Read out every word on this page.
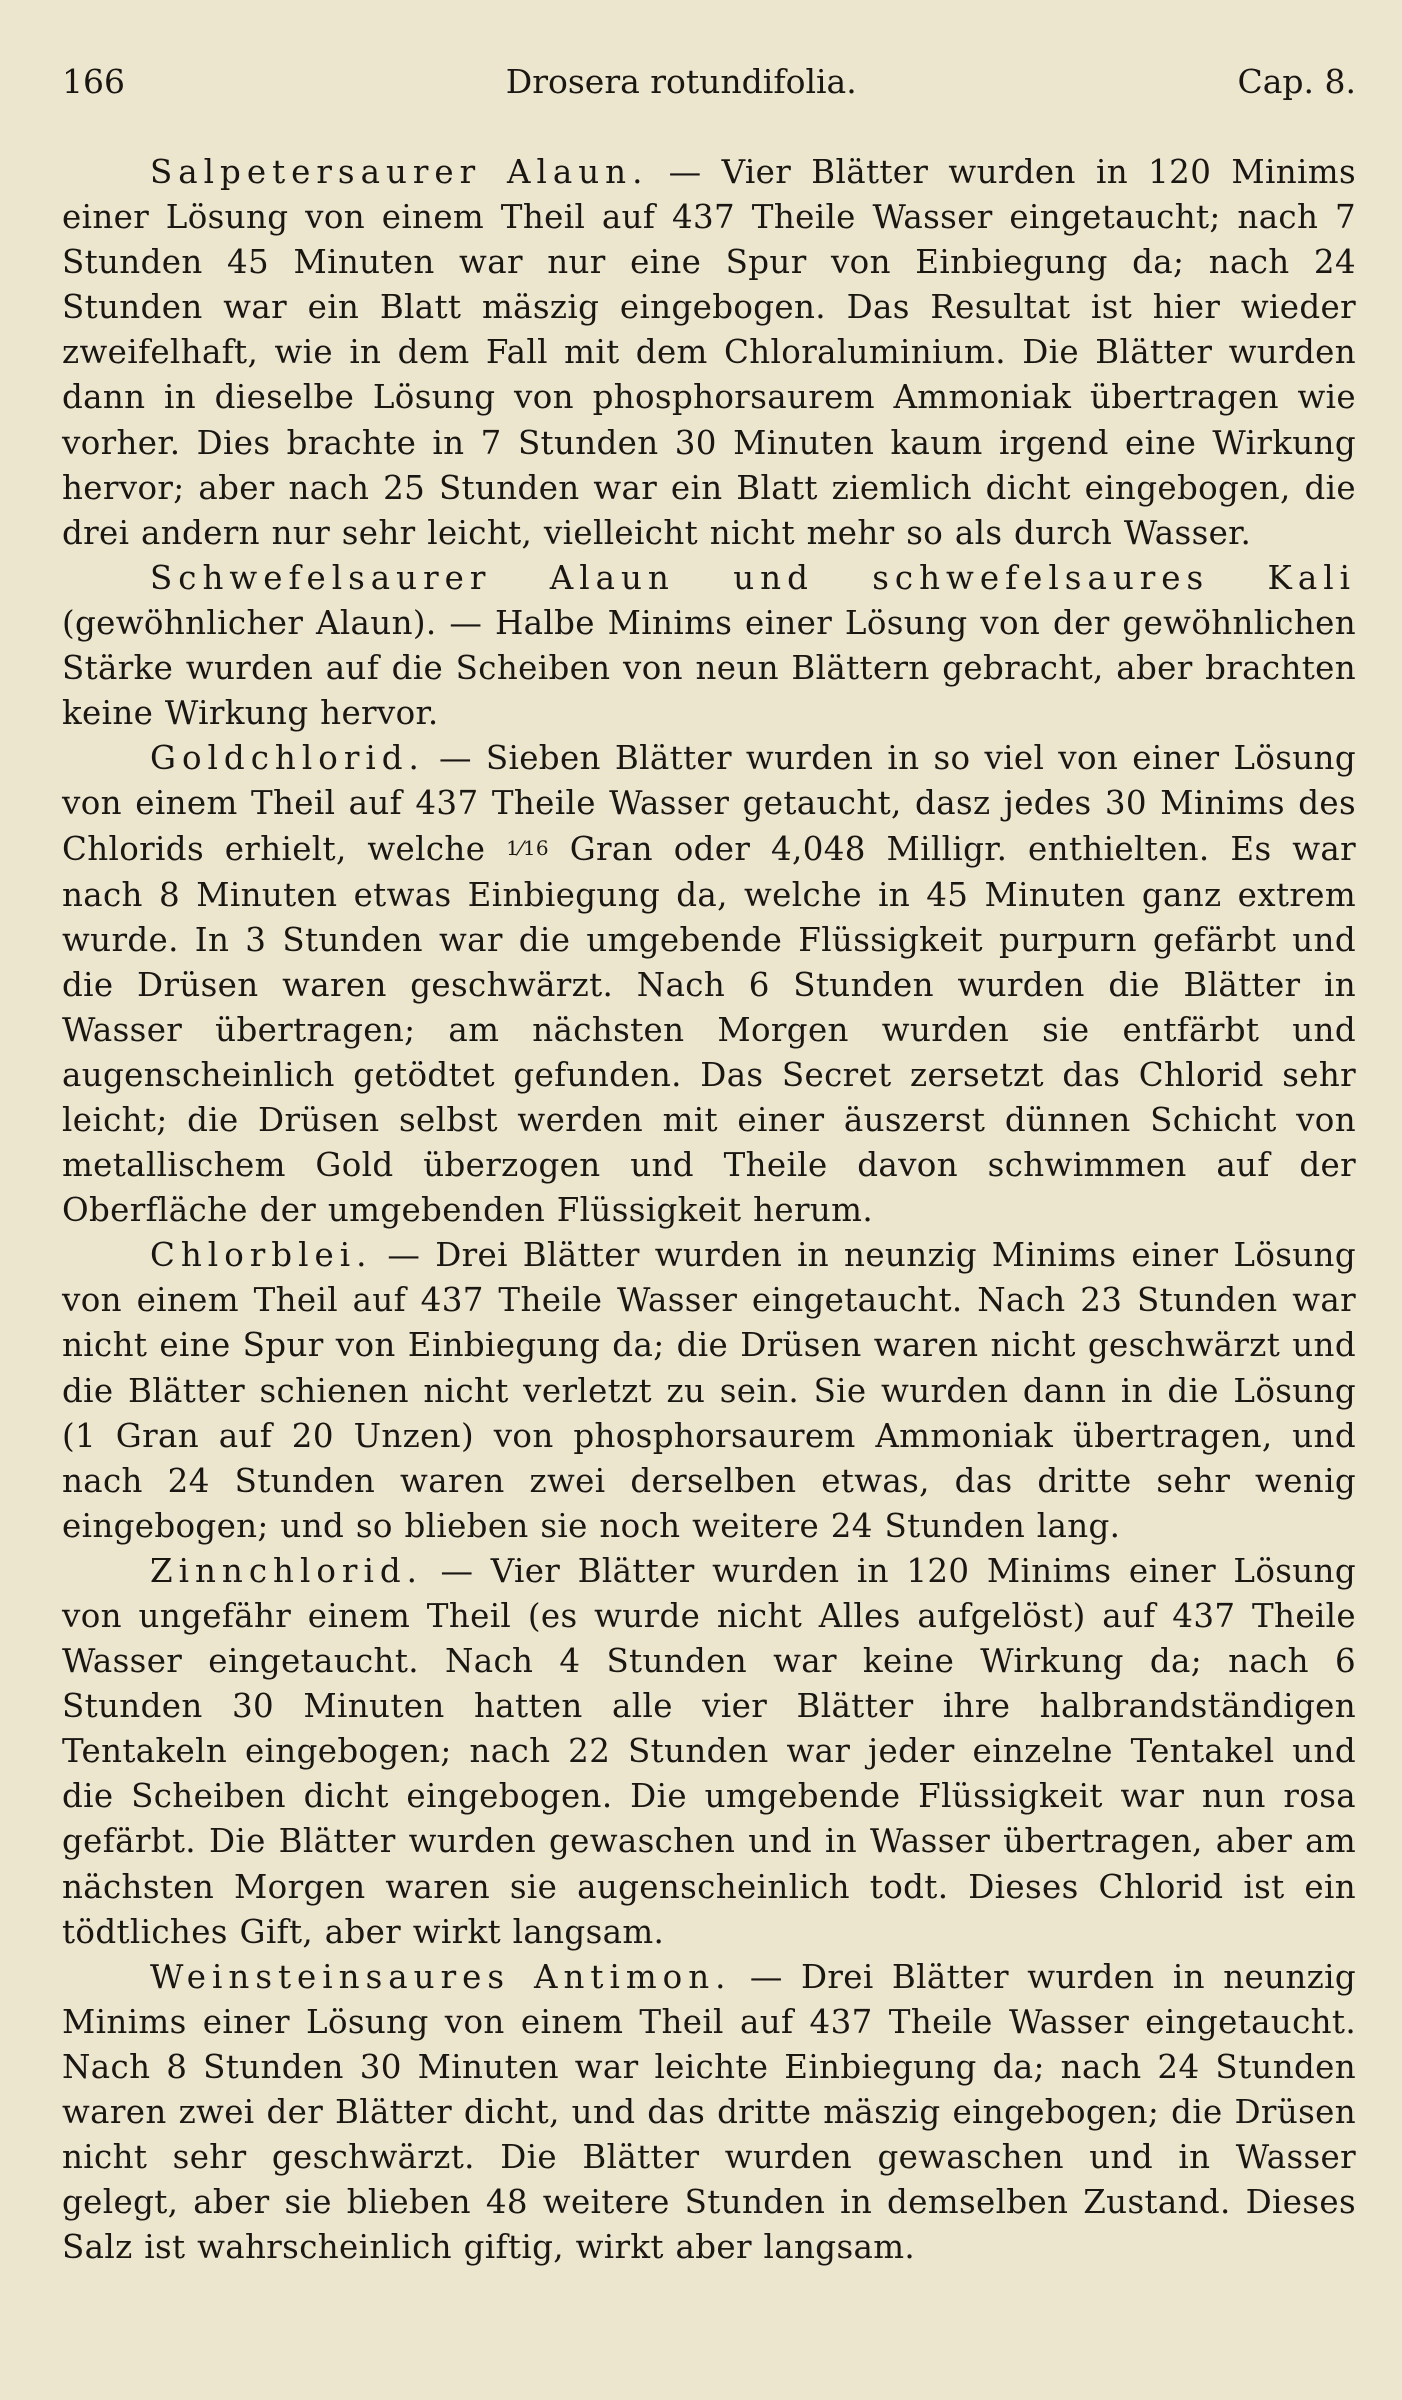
166	Drosera rotundifolia.	Cap. 8.

Salpetersaurer Alaun. — Vier Blätter wurden in 120 Minims einer Lösung von einem Theil auf 437 Theile Wasser eingetaucht; nach 7 Stunden 45 Minuten war nur eine Spur von Einbiegung da; nach 24 Stunden war ein Blatt mäszig eingebogen. Das Resultat ist hier wieder zweifelhaft, wie in dem Fall mit dem Chloraluminium. Die Blätter wurden dann in dieselbe Lösung von phosphorsaurem Ammoniak übertragen wie vorher. Dies brachte in 7 Stunden 30 Minuten kaum irgend eine Wirkung hervor; aber nach 25 Stunden war ein Blatt ziemlich dicht eingebogen, die drei andern nur sehr leicht, vielleicht nicht mehr so als durch Wasser.

Schwefelsaurer Alaun und schwefelsaures Kali (gewöhnlicher Alaun). — Halbe Minims einer Lösung von der gewöhnlichen Stärke wurden auf die Scheiben von neun Blättern gebracht, aber brachten keine Wirkung hervor.

Goldchlorid. — Sieben Blätter wurden in so viel von einer Lösung von einem Theil auf 437 Theile Wasser getaucht, dasz jedes 30 Minims des Chlorids erhielt, welche 1⁄16 Gran oder 4,048 Milligr. enthielten. Es war nach 8 Minuten etwas Einbiegung da, welche in 45 Minuten ganz extrem wurde. In 3 Stunden war die umgebende Flüssigkeit purpurn gefärbt und die Drüsen waren geschwärzt. Nach 6 Stunden wurden die Blätter in Wasser übertragen; am nächsten Morgen wurden sie entfärbt und augenscheinlich getödtet gefunden. Das Secret zersetzt das Chlorid sehr leicht; die Drüsen selbst werden mit einer äuszerst dünnen Schicht von metallischem Gold überzogen und Theile davon schwimmen auf der Oberfläche der umgebenden Flüssigkeit herum.

Chlorblei. — Drei Blätter wurden in neunzig Minims einer Lösung von einem Theil auf 437 Theile Wasser eingetaucht. Nach 23 Stunden war nicht eine Spur von Einbiegung da; die Drüsen waren nicht geschwärzt und die Blätter schienen nicht verletzt zu sein. Sie wurden dann in die Lösung (1 Gran auf 20 Unzen) von phosphorsaurem Ammoniak übertragen, und nach 24 Stunden waren zwei derselben etwas, das dritte sehr wenig eingebogen; und so blieben sie noch weitere 24 Stunden lang.

Zinnchlorid. — Vier Blätter wurden in 120 Minims einer Lösung von ungefähr einem Theil (es wurde nicht Alles aufgelöst) auf 437 Theile Wasser eingetaucht. Nach 4 Stunden war keine Wirkung da; nach 6 Stunden 30 Minuten hatten alle vier Blätter ihre halbrandständigen Tentakeln eingebogen; nach 22 Stunden war jeder einzelne Tentakel und die Scheiben dicht eingebogen. Die umgebende Flüssigkeit war nun rosa gefärbt. Die Blätter wurden gewaschen und in Wasser übertragen, aber am nächsten Morgen waren sie augenscheinlich todt. Dieses Chlorid ist ein tödtliches Gift, aber wirkt langsam.

Weinsteinsaures Antimon. — Drei Blätter wurden in neunzig Minims einer Lösung von einem Theil auf 437 Theile Wasser eingetaucht. Nach 8 Stunden 30 Minuten war leichte Einbiegung da; nach 24 Stunden waren zwei der Blätter dicht, und das dritte mäszig eingebogen; die Drüsen nicht sehr geschwärzt. Die Blätter wurden gewaschen und in Wasser gelegt, aber sie blieben 48 weitere Stunden in demselben Zustand. Dieses Salz ist wahrscheinlich giftig, wirkt aber langsam.
